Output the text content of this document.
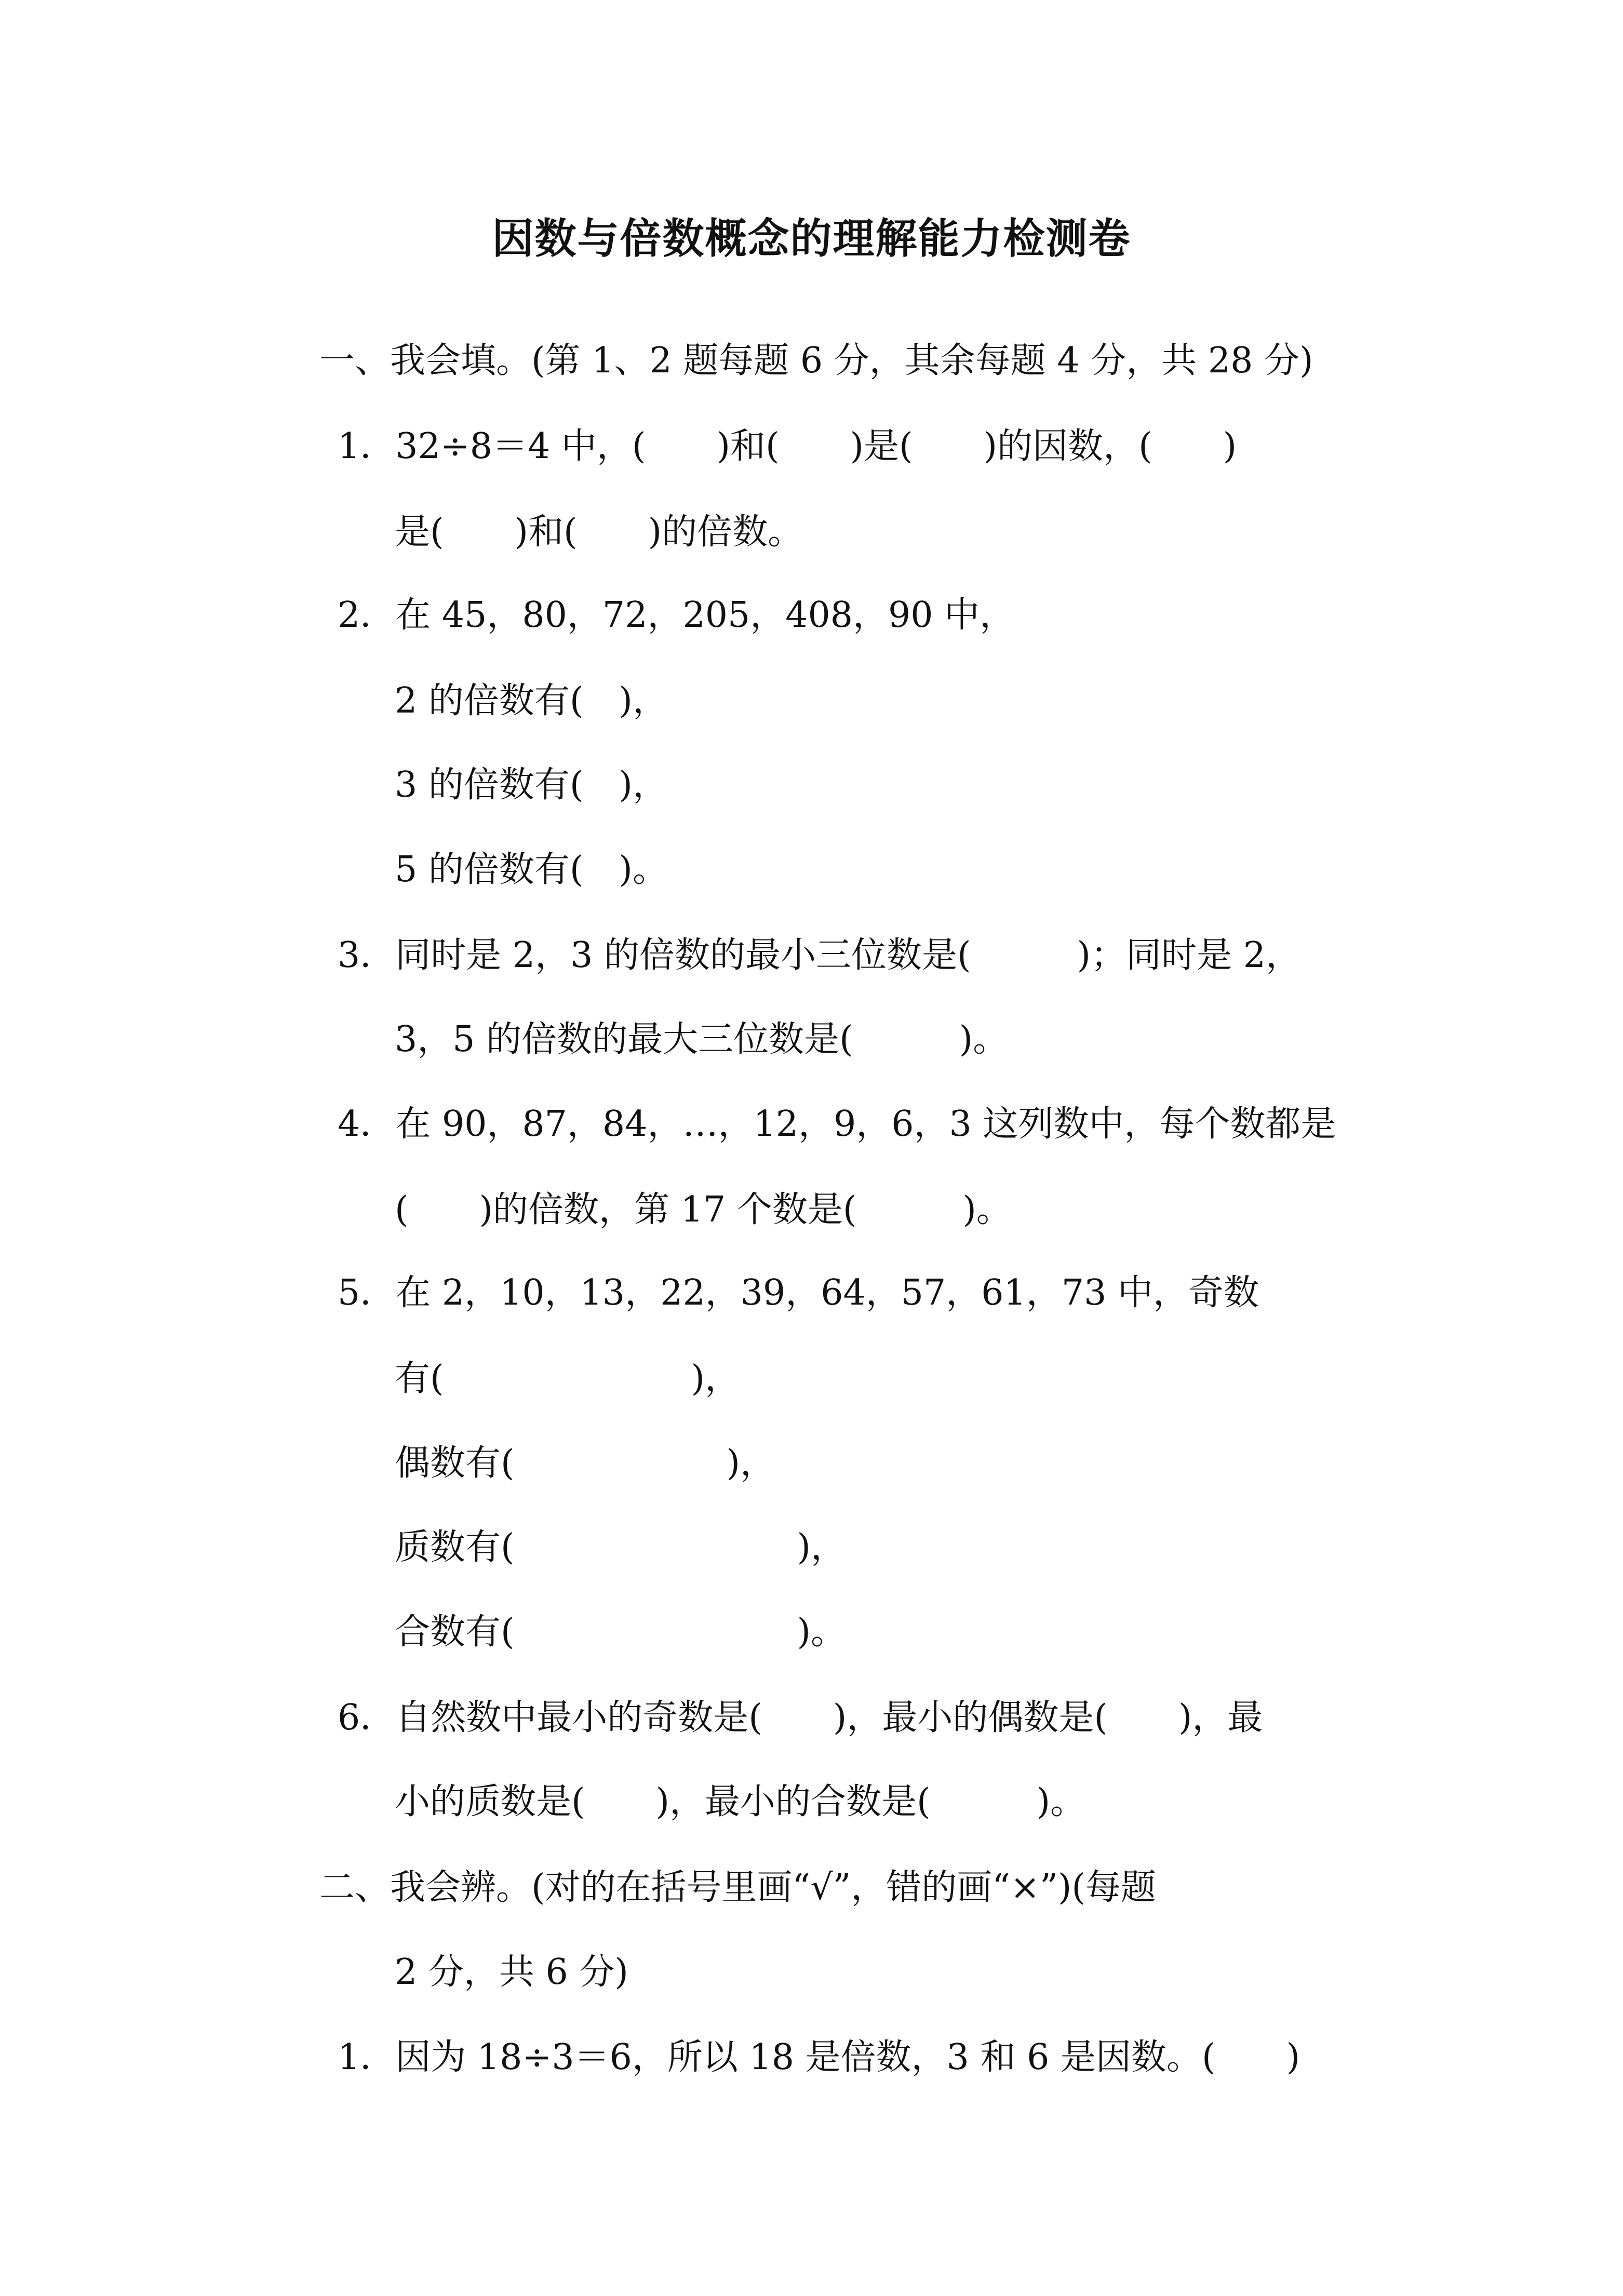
因数与倍数概念的理解能力检测卷
一、我会填。(第 1、2 题每题 6 分，其余每题 4 分，共 28 分)
1．32÷8＝4 中，(　　)和(　　)是(　　)的因数，(　　)
是(　　)和(　　)的倍数。
2．在 45，80，72，205，408，90 中，
2 的倍数有(　)，
3 的倍数有(　)，
5 的倍数有(　)。
3．同时是 2，3 的倍数的最小三位数是(　　　)；同时是 2，
3，5 的倍数的最大三位数是(　　　)。
4．在 90，87，84，…，12，9，6，3 这列数中，每个数都是
(　　)的倍数，第 17 个数是(　　　)。
5．在 2，10，13，22，39，64，57，61，73 中，奇数
有(　　　　　　　)，
偶数有(　　　　　　)，
质数有(　　　　　　　　)，
合数有(　　　　　　　　)。
6．自然数中最小的奇数是(　　)，最小的偶数是(　　)，最
小的质数是(　　)，最小的合数是(　　　)。
二、我会辨。(对的在括号里画“√”，错的画“×”)(每题
2 分，共 6 分)
1．因为 18÷3＝6，所以 18 是倍数，3 和 6 是因数。(　　)
